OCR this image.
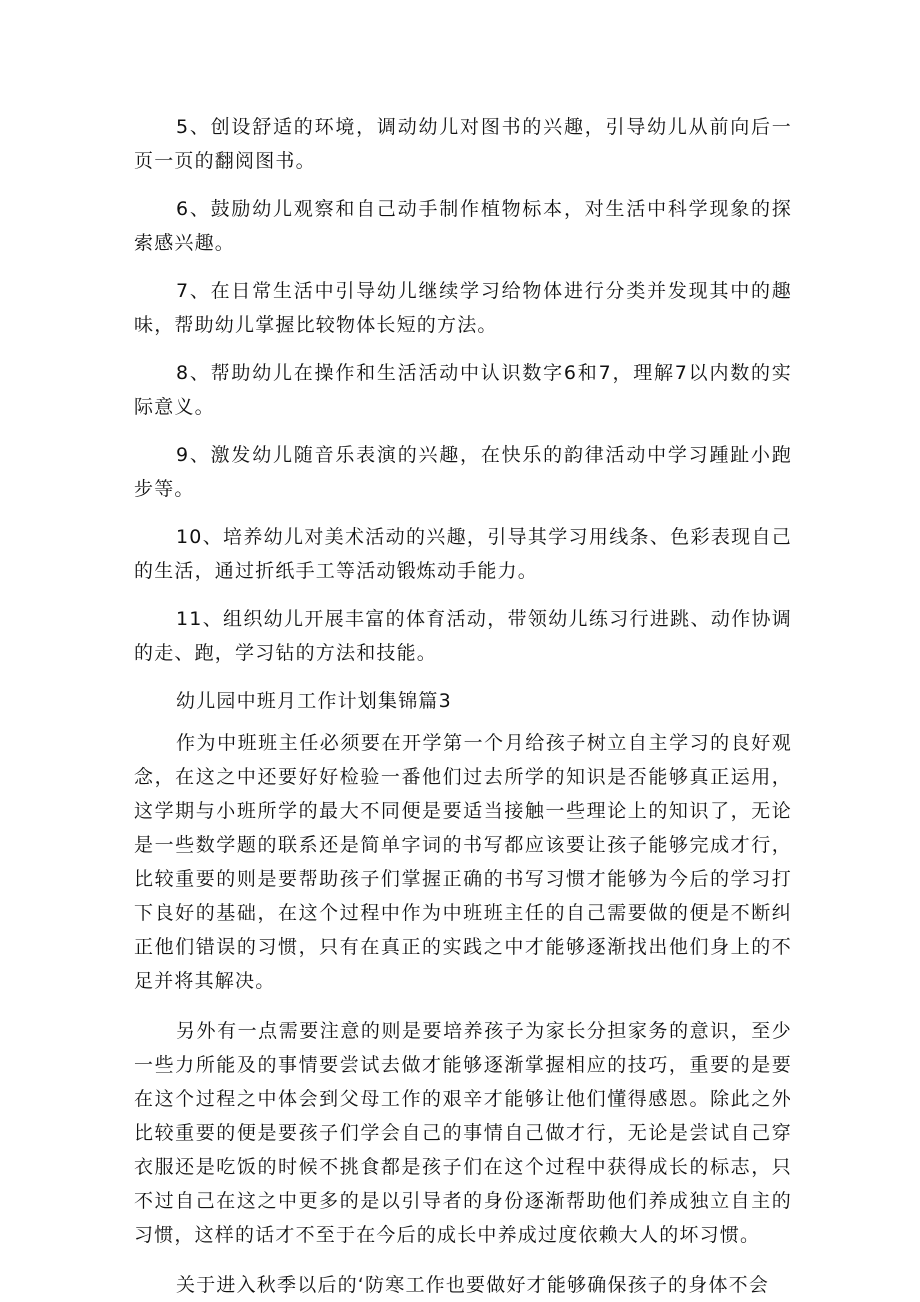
5、创设舒适的环境，调动幼儿对图书的兴趣，引导幼儿从前向后一页一页的翻阅图书。

6、鼓励幼儿观察和自己动手制作植物标本，对生活中科学现象的探索感兴趣。

7、在日常生活中引导幼儿继续学习给物体进行分类并发现其中的趣味，帮助幼儿掌握比较物体长短的方法。

8、帮助幼儿在操作和生活活动中认识数字6和7，理解7以内数的实际意义。

9、激发幼儿随音乐表演的兴趣，在快乐的韵律活动中学习踵趾小跑步等。

10、培养幼儿对美术活动的兴趣，引导其学习用线条、色彩表现自己的生活，通过折纸手工等活动锻炼动手能力。

11、组织幼儿开展丰富的体育活动，带领幼儿练习行进跳、动作协调的走、跑，学习钻的方法和技能。

幼儿园中班月工作计划集锦篇3

作为中班班主任必须要在开学第一个月给孩子树立自主学习的良好观念，在这之中还要好好检验一番他们过去所学的知识是否能够真正运用，这学期与小班所学的最大不同便是要适当接触一些理论上的知识了，无论是一些数学题的联系还是简单字词的书写都应该要让孩子能够完成才行，比较重要的则是要帮助孩子们掌握正确的书写习惯才能够为今后的学习打下良好的基础，在这个过程中作为中班班主任的自己需要做的便是不断纠正他们错误的习惯，只有在真正的实践之中才能够逐渐找出他们身上的不足并将其解决。

另外有一点需要注意的则是要培养孩子为家长分担家务的意识，至少一些力所能及的事情要尝试去做才能够逐渐掌握相应的技巧，重要的是要在这个过程之中体会到父母工作的艰辛才能够让他们懂得感恩。除此之外比较重要的便是要孩子们学会自己的事情自己做才行，无论是尝试自己穿衣服还是吃饭的时候不挑食都是孩子们在这个过程中获得成长的标志，只不过自己在这之中更多的是以引导者的身份逐渐帮助他们养成独立自主的习惯，这样的话才不至于在今后的成长中养成过度依赖大人的坏习惯。

关于进入秋季以后的‘防寒工作也要做好才能够确保孩子的身体不会
